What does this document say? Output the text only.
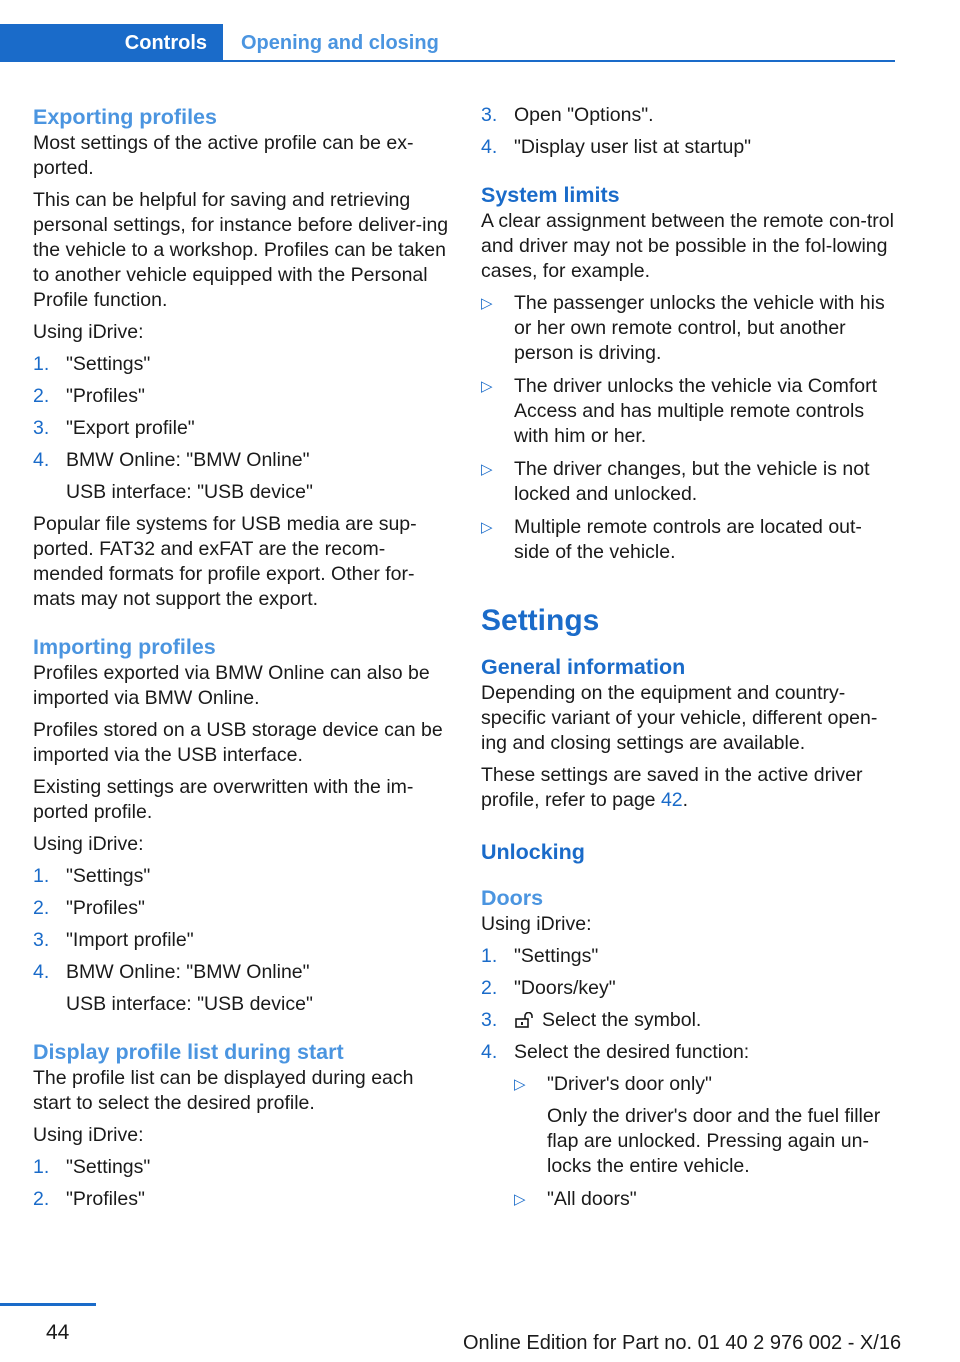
Controls Opening and closing
Exporting profiles

Most settings of the active profile can be ex-ported.

This can be helpful for saving and retrieving personal settings, for instance before deliver-ing the vehicle to a workshop. Profiles can be taken to another vehicle equipped with the Personal Profile function.

Using iDrive:

1. "Settings"
2. "Profiles"
3. "Export profile"
4. BMW Online: "BMW Online"
USB interface: "USB device"

Popular file systems for USB media are sup-ported. FAT32 and exFAT are the recom-mended formats for profile export. Other for-mats may not support the export.

Importing profiles

Profiles exported via BMW Online can also be imported via BMW Online.

Profiles stored on a USB storage device can be imported via the USB interface.

Existing settings are overwritten with the im-ported profile.

Using iDrive:

1. "Settings"
2. "Profiles"
3. "Import profile"
4. BMW Online: "BMW Online"
USB interface: "USB device"
Display profile list during start

The profile list can be displayed during each start to select the desired profile.

Using iDrive:

1. "Settings"
2. "Profiles"
3. Open "Options".
4. "Display user list at startup"
System limits

A clear assignment between the remote con-trol and driver may not be possible in the fol-lowing cases, for example.

▷ The passenger unlocks the vehicle with his or her own remote control, but another person is driving.
▷ The driver unlocks the vehicle via Comfort Access and has multiple remote controls with him or her.
▷ The driver changes, but the vehicle is not locked and unlocked.
▷ Multiple remote controls are located out-side of the vehicle.
Settings
General information

Depending on the equipment and country-specific variant of your vehicle, different open-ing and closing settings are available.

These settings are saved in the active driver profile, refer to page 42.

Unlocking
Doors

Using iDrive:

1. "Settings"
2. "Doors/key"
3. Select the symbol.
4. Select the desired function:
▷ "Driver's door only"
Only the driver's door and the fuel filler flap are unlocked. Pressing again un-locks the entire vehicle.
▷ "All doors"
44	Online Edition for Part no. 01 40 2 976 002 - X/16
